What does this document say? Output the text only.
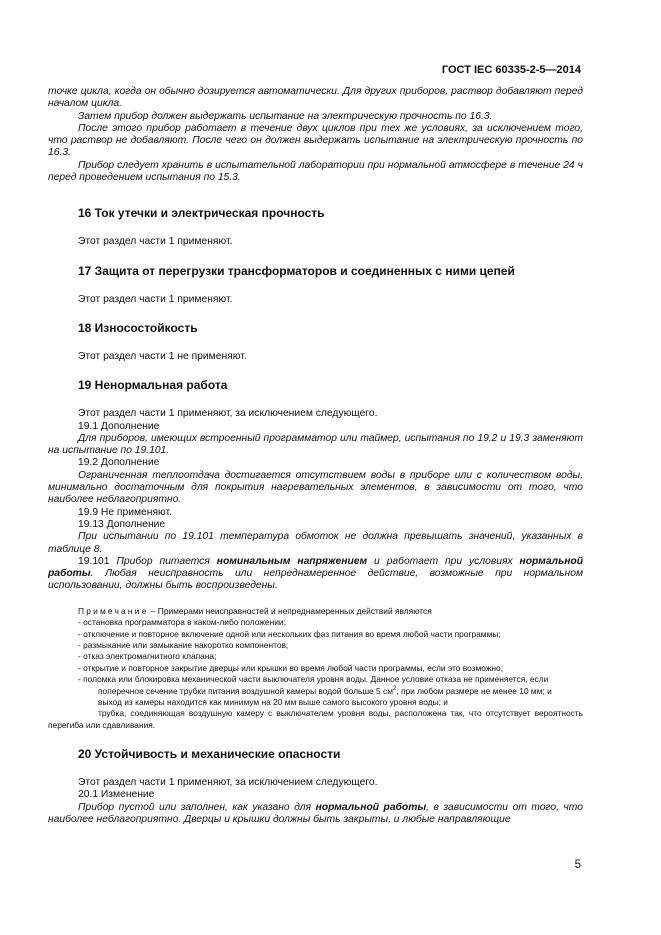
ГОСТ IEC 60335-2-5—2014

точке цикла, когда он обычно дозируется автоматически. Для других приборов, раствор добавляют перед началом цикла.

Затем прибор должен выдержать испытание на электрическую прочность по 16.3.

После этого прибор работает в течение двух циклов при тех же условиях, за исключением того, что раствор не добавляют. После чего он должен выдержать испытание на электрическую прочность по 16.3.

Прибор следует хранить в испытательной лаборатории при нормальной атмосфере в течение 24 ч перед проведением испытания по 15.3.

16 Ток утечки и электрическая прочность

Этот раздел части 1 применяют.

17 Защита от перегрузки трансформаторов и соединенных с ними цепей

Этот раздел части 1 применяют.

18 Износостойкость

Этот раздел части 1 не применяют.

19 Ненормальная работа

Этот раздел части 1 применяют, за исключением следующего.

19.1 Дополнение

Для приборов, имеющих встроенный программатор или таймер, испытания по 19.2 и 19.3 заменяют на испытание по 19.101.

19.2 Дополнение

Ограниченная теплоотдача достигается отсутствием воды в приборе или с количеством воды, минимально достаточным для покрытия нагревательных элементов, в зависимости от того, что наиболее неблагоприятно.

19.9 Не применяют.

19.13 Дополнение

При испытании по 19.101 температура обмоток не должна превышать значений, указанных в таблице 8.

19.101 Прибор питается номинальным напряжением и работает при условиях нормальной работы. Любая неисправность или непреднамеренное действие, возможные при нормальном использовании, должны быть воспроизведены.

Примечание – Примерами неисправностей и непреднамеренных действий являются

- остановка программатора в каком-либо положении;

- отключение и повторное включение одной или нескольких фаз питания во время любой части программы;

- размыкание или замыкание накоротко компонентов;

- отказ электромагнитного клапана;

- открытие и повторное закрытие дверцы или крышки во время любой части программы, если это возможно;

- поломка или блокировка механической части выключателя уровня воды. Данное условие отказа не применяется, если

поперечное сечение трубки питания воздушной камеры водой больше 5 $см^2$, при любом размере не менее 10 мм; и

выход из камеры находится как минимум на 20 мм выше самого высокого уровня воды; и

трубка, соединяющая воздушную камеру с выключателем уровня воды, расположена так, что отсутствует вероятность перегиба или сдавливания.

20 Устойчивость и механические опасности

Этот раздел части 1 применяют, за исключением следующего.

20.1 Изменение

Прибор пустой или заполнен, как указано для нормальной работы, в зависимости от того, что наиболее неблагоприятно. Дверцы и крышки должны быть закрыты, и любые направляющие

5
